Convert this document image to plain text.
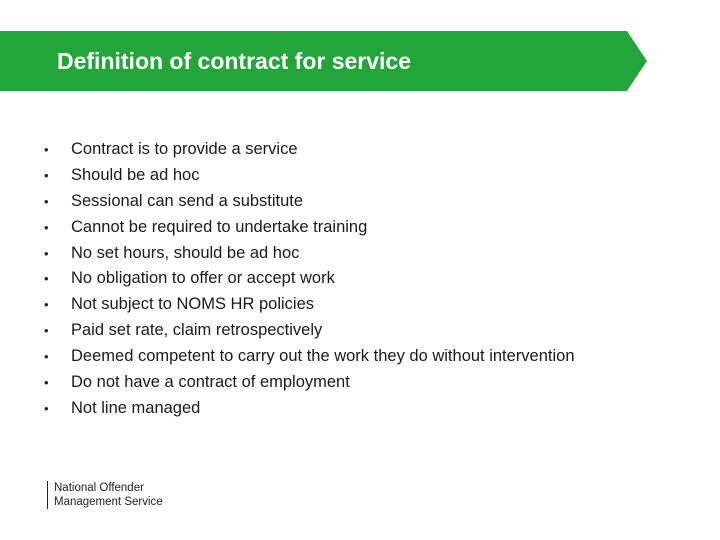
Definition of contract for service
• Contract is to provide a service
• Should be ad hoc
• Sessional can send a substitute
• Cannot be required to undertake training
• No set hours, should be ad hoc
• No obligation to offer or accept work
• Not subject to NOMS HR policies
• Paid set rate, claim retrospectively
• Deemed competent to carry out the work they do without intervention
• Do not have a contract of employment
• Not line managed
National Offender
Management Service
